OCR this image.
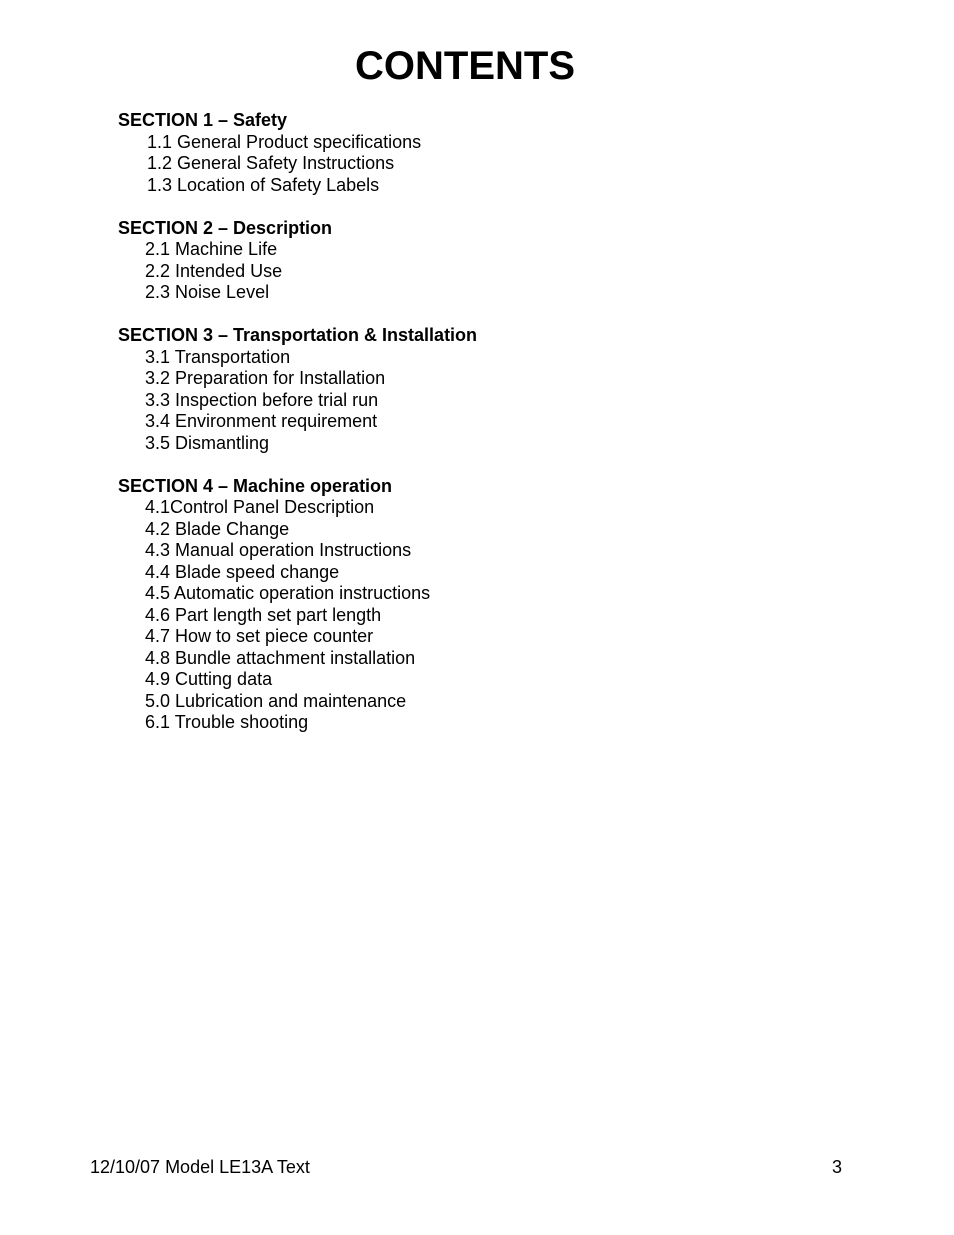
CONTENTS
SECTION 1 – Safety
1.1 General Product specifications
1.2 General Safety Instructions
1.3 Location of Safety Labels
SECTION 2 – Description
2.1 Machine Life
2.2 Intended Use
2.3 Noise Level
SECTION 3 – Transportation & Installation
3.1 Transportation
3.2 Preparation for Installation
3.3 Inspection before trial run
3.4 Environment requirement
3.5 Dismantling
SECTION 4 – Machine operation
4.1Control Panel Description
4.2 Blade Change
4.3 Manual operation Instructions
4.4 Blade speed change
4.5 Automatic operation instructions
4.6 Part length set part length
4.7 How to set piece counter
4.8 Bundle attachment installation
4.9 Cutting data
5.0 Lubrication and maintenance
6.1 Trouble shooting
12/10/07 Model LE13A Text	3
